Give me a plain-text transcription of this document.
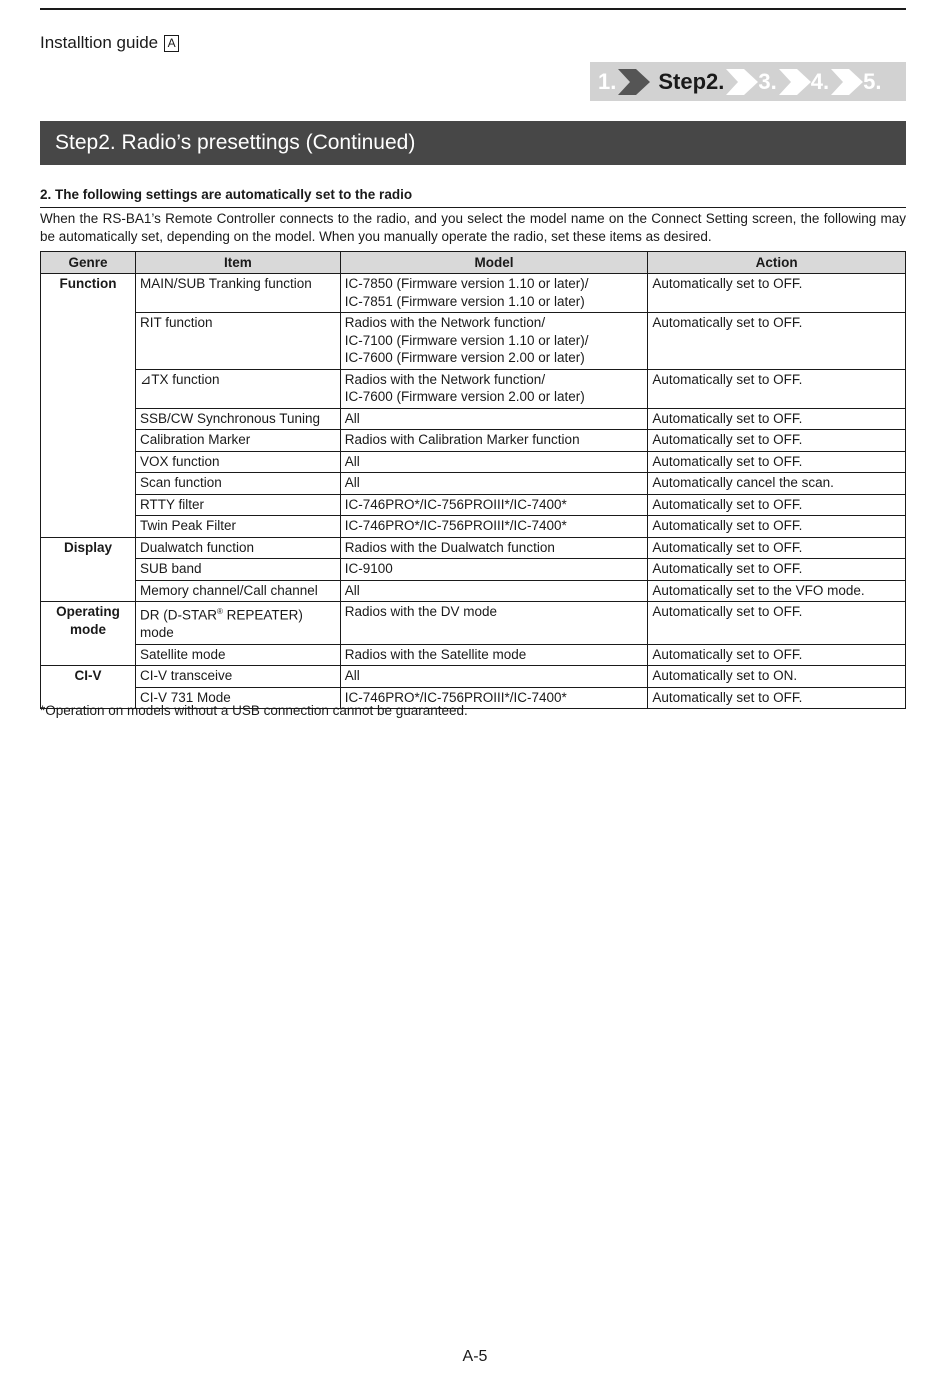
Installtion guide A
1. Step2. 3. 4. 5.
Step2. Radio’s presettings (Continued)
2. The following settings are automatically set to the radio
When the RS-BA1’s Remote Controller connects to the radio, and you select the model name on the Connect Setting screen, the following may be automatically set, depending on the model. When you manually operate the radio, set these items as desired.
Genre	Item	Model	Action
Function	MAIN/SUB Tranking function	IC-7850 (Firmware version 1.10 or later)/
IC-7851 (Firmware version 1.10 or later)	Automatically set to OFF.
	RIT function	Radios with the Network function/
IC-7100 (Firmware version 1.10 or later)/
IC-7600 (Firmware version 2.00 or later)	Automatically set to OFF.
	⊿TX function	Radios with the Network function/
IC-7600 (Firmware version 2.00 or later)	Automatically set to OFF.
	SSB/CW Synchronous Tuning	All	Automatically set to OFF.
	Calibration Marker	Radios with Calibration Marker function	Automatically set to OFF.
	VOX function	All	Automatically set to OFF.
	Scan function	All	Automatically cancel the scan.
	RTTY filter	IC-746PRO*/IC-756PROIII*/IC-7400*	Automatically set to OFF.
	Twin Peak Filter	IC-746PRO*/IC-756PROIII*/IC-7400*	Automatically set to OFF.
Display	Dualwatch function	Radios with the Dualwatch function	Automatically set to OFF.
	SUB band	IC-9100	Automatically set to OFF.
	Memory channel/Call channel	All	Automatically set to the VFO mode.
Operating mode	DR (D-STAR® REPEATER) mode	Radios with the DV mode	Automatically set to OFF.
	Satellite mode	Radios with the Satellite mode	Automatically set to OFF.
CI-V	CI-V transceive	All	Automatically set to ON.
	CI-V 731 Mode	IC-746PRO*/IC-756PROIII*/IC-7400*	Automatically set to OFF.
*Operation on models without a USB connection cannot be guaranteed.
A-5
